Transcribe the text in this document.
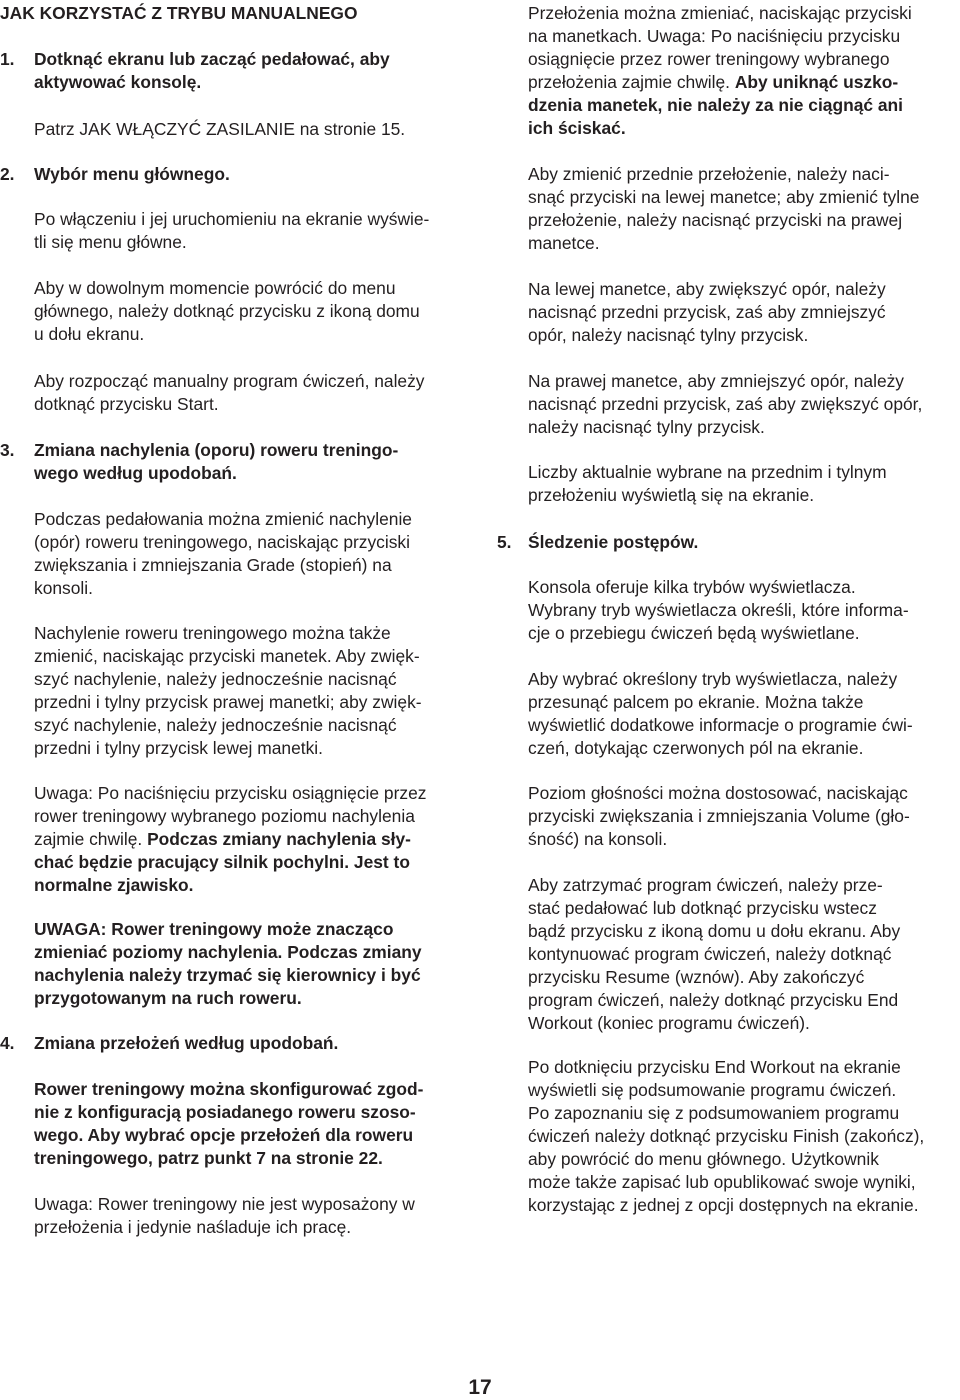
JAK KORZYSTAĆ Z TRYBU MANUALNEGO
1. Dotknąć ekranu lub zacząć pedałować, aby
aktywować konsolę.
Patrz JAK WŁĄCZYĆ ZASILANIE na stronie 15.
2. Wybór menu głównego.
Po włączeniu i jej uruchomieniu na ekranie wyświe-
tli się menu główne.
Aby w dowolnym momencie powrócić do menu
głównego, należy dotknąć przycisku z ikoną domu
u dołu ekranu.
Aby rozpocząć manualny program ćwiczeń, należy
dotknąć przycisku Start.
3. Zmiana nachylenia (oporu) roweru treningo-
wego według upodobań.
Podczas pedałowania można zmienić nachylenie
(opór) roweru treningowego, naciskając przyciski
zwiększania i zmniejszania Grade (stopień) na
konsoli.
Nachylenie roweru treningowego można także
zmienić, naciskając przyciski manetek. Aby zwięk-
szyć nachylenie, należy jednocześnie nacisnąć
przedni i tylny przycisk prawej manetki; aby zwięk-
szyć nachylenie, należy jednocześnie nacisnąć
przedni i tylny przycisk lewej manetki.
Uwaga: Po naciśnięciu przycisku osiągnięcie przez
rower treningowy wybranego poziomu nachylenia
zajmie chwilę. Podczas zmiany nachylenia sły-
chać będzie pracujący silnik pochylni. Jest to
normalne zjawisko.
UWAGA: Rower treningowy może znacząco
zmieniać poziomy nachylenia. Podczas zmiany
nachylenia należy trzymać się kierownicy i być
przygotowanym na ruch roweru.
4. Zmiana przełożeń według upodobań.
Rower treningowy można skonfigurować zgod-
nie z konfiguracją posiadanego roweru szoso-
wego. Aby wybrać opcje przełożeń dla roweru
treningowego, patrz punkt 7 na stronie 22.
Uwaga: Rower treningowy nie jest wyposażony w
przełożenia i jedynie naśladuje ich pracę.
Przełożenia można zmieniać, naciskając przyciski
na manetkach. Uwaga: Po naciśnięciu przycisku
osiągnięcie przez rower treningowy wybranego
przełożenia zajmie chwilę. Aby uniknąć uszko-
dzenia manetek, nie należy za nie ciągnąć ani
ich ściskać.
Aby zmienić przednie przełożenie, należy naci-
snąć przyciski na lewej manetce; aby zmienić tylne
przełożenie, należy nacisnąć przyciski na prawej
manetce.
Na lewej manetce, aby zwiększyć opór, należy
nacisnąć przedni przycisk, zaś aby zmniejszyć
opór, należy nacisnąć tylny przycisk.
Na prawej manetce, aby zmniejszyć opór, należy
nacisnąć przedni przycisk, zaś aby zwiększyć opór,
należy nacisnąć tylny przycisk.
Liczby aktualnie wybrane na przednim i tylnym
przełożeniu wyświetlą się na ekranie.
5. Śledzenie postępów.
Konsola oferuje kilka trybów wyświetlacza.
Wybrany tryb wyświetlacza określi, które informa-
cje o przebiegu ćwiczeń będą wyświetlane.
Aby wybrać określony tryb wyświetlacza, należy
przesunąć palcem po ekranie. Można także
wyświetlić dodatkowe informacje o programie ćwi-
czeń, dotykając czerwonych pól na ekranie.
Poziom głośności można dostosować, naciskając
przyciski zwiększania i zmniejszania Volume (gło-
śność) na konsoli.
Aby zatrzymać program ćwiczeń, należy prze-
stać pedałować lub dotknąć przycisku wstecz
bądź przycisku z ikoną domu u dołu ekranu. Aby
kontynuować program ćwiczeń, należy dotknąć
przycisku Resume (wznów). Aby zakończyć
program ćwiczeń, należy dotknąć przycisku End
Workout (koniec programu ćwiczeń).
Po dotknięciu przycisku End Workout na ekranie
wyświetli się podsumowanie programu ćwiczeń.
Po zapoznaniu się z podsumowaniem programu
ćwiczeń należy dotknąć przycisku Finish (zakończ),
aby powrócić do menu głównego. Użytkownik
może także zapisać lub opublikować swoje wyniki,
korzystając z jednej z opcji dostępnych na ekranie.
17
